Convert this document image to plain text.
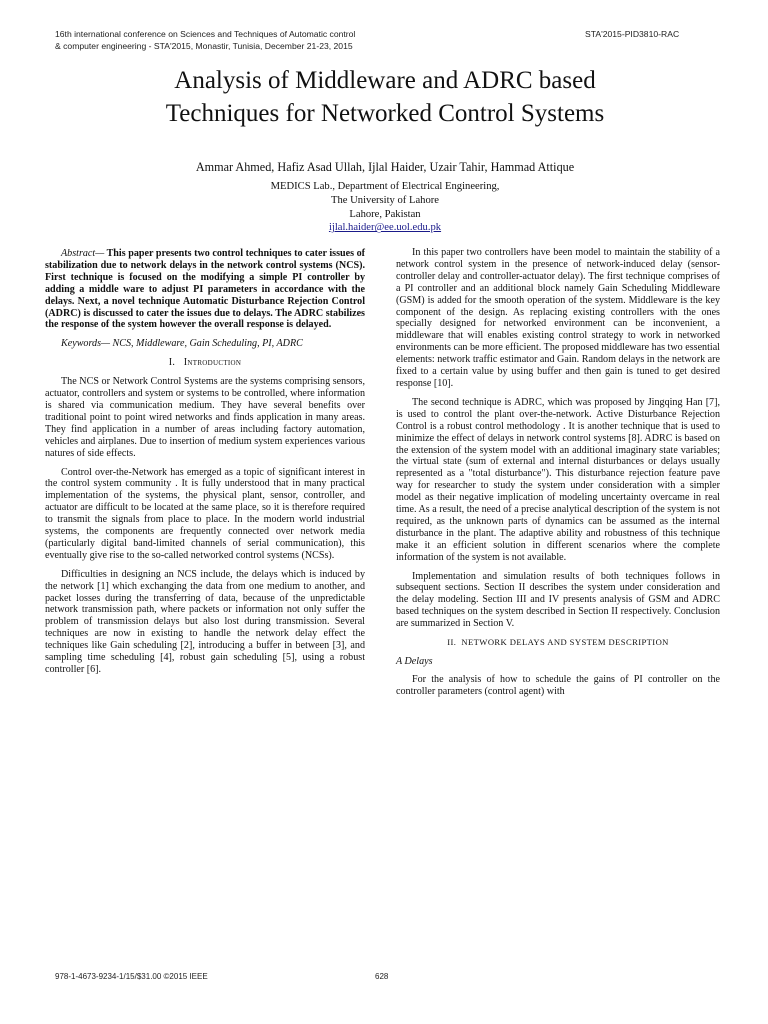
16th international conference on Sciences and Techniques of Automatic control
& computer engineering - STA'2015, Monastir, Tunisia, December 21-23, 2015
STA'2015-PID3810-RAC
Analysis of Middleware and ADRC based
Techniques for Networked Control Systems
Ammar Ahmed, Hafiz Asad Ullah, Ijlal Haider, Uzair Tahir, Hammad Attique
MEDICS Lab., Department of Electrical Engineering,
The University of Lahore
Lahore, Pakistan
ijlal.haider@ee.uol.edu.pk

Abstract— This paper presents two control techniques to cater issues of stabilization due to network delays in the network control systems (NCS). First technique is focused on the modifying a simple PI controller by adding a middle ware to adjust PI parameters in accordance with the delays. Next, a novel technique Automatic Disturbance Rejection Control (ADRC) is discussed to cater the issues due to delays. The ADRC stabilizes the response of the system however the overall response is delayed.

Keywords— NCS, Middleware, Gain Scheduling, PI, ADRC

I. Introduction

The NCS or Network Control Systems are the systems comprising sensors, actuator, controllers and system or systems to be controlled, where information is shared via communication medium. They have several benefits over traditional point to point wired networks and finds application in many areas. They find application in a number of areas including factory automation, vehicles and airplanes. Due to insertion of medium system experiences various natures of side effects.

Control over-the-Network has emerged as a topic of significant interest in the control system community . It is fully understood that in many practical implementation of the systems, the physical plant, sensor, controller, and actuator are difficult to be located at the same place, so it is therefore required to transmit the signals from place to place. In the modern world industrial systems, the components are frequently connected over network media (particularly digital band-limited channels of serial communication), this eventually give rise to the so-called networked control systems (NCSs).

Difficulties in designing an NCS include, the delays which is induced by the network [1] which exchanging the data from one medium to another, and packet losses during the transferring of data, because of the unpredictable network transmission path, where packets or information not only suffer the problem of transmission delays but also lost during transmission. Several techniques are now in existing to handle the network delay effect the techniques like Gain scheduling [2], introducing a buffer in between [3], and sampling time scheduling [4], robust gain scheduling [5], using a robust controller [6].

In this paper two controllers have been model to maintain the stability of a network control system in the presence of network-induced delay (sensor-controller delay and controller-actuator delay). The first technique comprises of a PI controller and an additional block namely Gain Scheduling Middleware (GSM) is added for the smooth operation of the system. Middleware is the key component of the design. As replacing existing controllers with the ones specially designed for networked environment can be inconvenient, a middleware that will enables existing control strategy to work in networked environments can be more efficient. The proposed middleware has two essential elements: network traffic estimator and Gain. Random delays in the network are fixed to a certain value by using buffer and then gain is tuned to get desired response [10].

The second technique is ADRC, which was proposed by Jingqing Han [7], is used to control the plant over-the-network. Active Disturbance Rejection Control is a robust control methodology . It is another technique that is used to minimize the effect of delays in network control systems [8]. ADRC is based on the extension of the system model with an additional imaginary state variables; the virtual state (sum of external and internal disturbances or delays usually represented as a "total disturbance"). This disturbance rejection feature pave way for researcher to study the system under consideration with a simpler model as their negative implication of modeling uncertainty overcame in real time. As a result, the need of a precise analytical description of the system is not required, as the unknown parts of dynamics can be assumed as the internal disturbance in the plant. The adaptive ability and robustness of this technique make it an efficient solution in different scenarios where the complete information of the system is not available.

Implementation and simulation results of both techniques follows in subsequent sections. Section II describes the system under consideration and the delay modeling. Section III and IV presents analysis of GSM and ADRC based techniques on the system described in Section II respectively. Conclusion are summarized in Section V.

II. NETWORK DELAYS AND SYSTEM DESCRIPTION

A Delays

For the analysis of how to schedule the gains of PI controller on the controller parameters (control agent) with

978-1-4673-9234-1/15/$31.00 ©2015 IEEE	628
